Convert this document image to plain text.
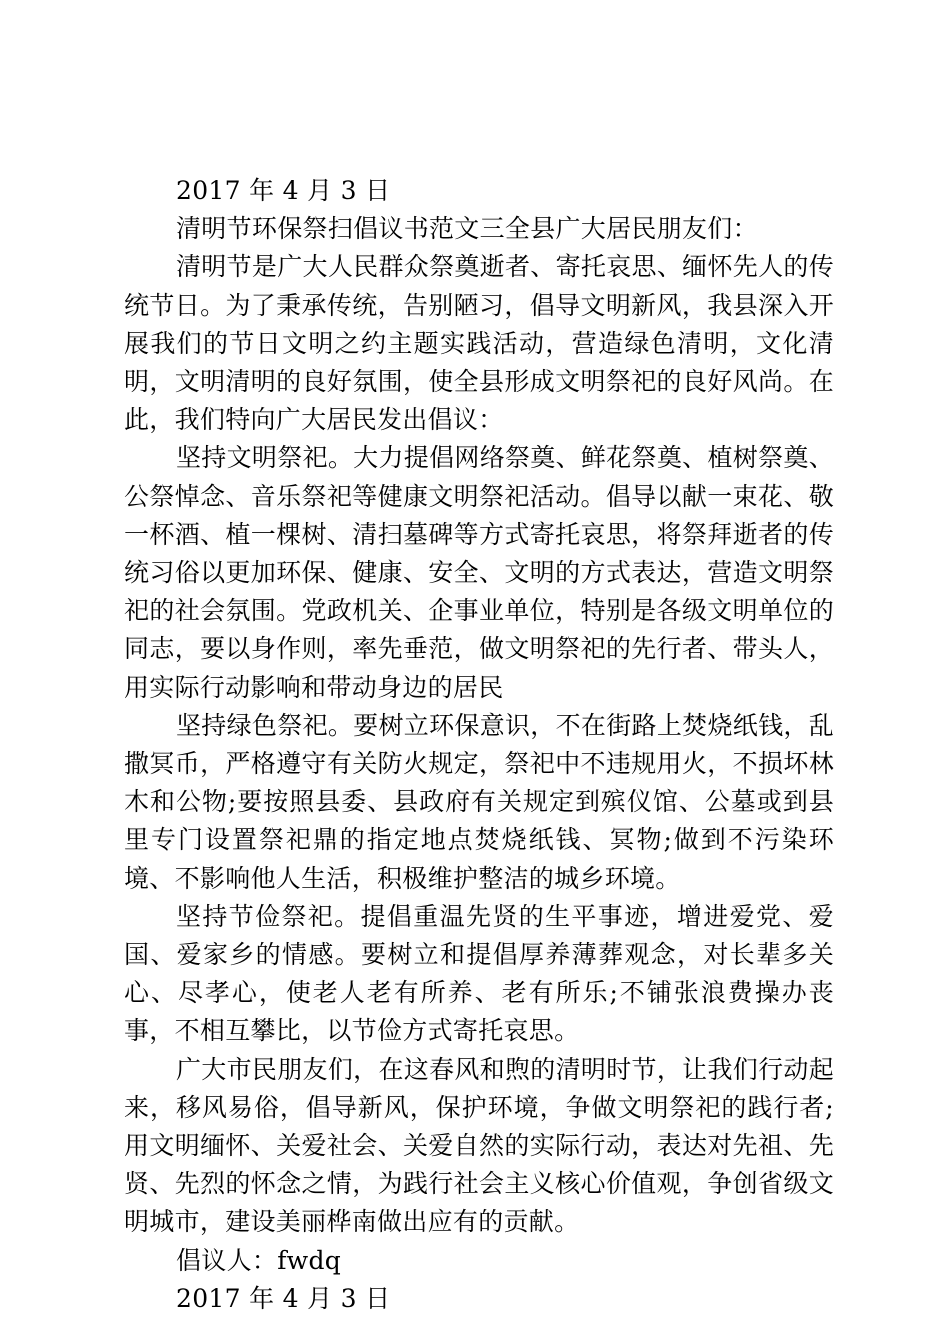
2017 年 4 月 3 日

清明节环保祭扫倡议书范文三全县广大居民朋友们：

清明节是广大人民群众祭奠逝者、寄托哀思、缅怀先人的传统节日。为了秉承传统，告别陋习，倡导文明新风，我县深入开展我们的节日文明之约主题实践活动，营造绿色清明，文化清明，文明清明的良好氛围，使全县形成文明祭祀的良好风尚。在此，我们特向广大居民发出倡议：

坚持文明祭祀。大力提倡网络祭奠、鲜花祭奠、植树祭奠、公祭悼念、音乐祭祀等健康文明祭祀活动。倡导以献一束花、敬一杯酒、植一棵树、清扫墓碑等方式寄托哀思，将祭拜逝者的传统习俗以更加环保、健康、安全、文明的方式表达，营造文明祭祀的社会氛围。党政机关、企事业单位，特别是各级文明单位的同志，要以身作则，率先垂范，做文明祭祀的先行者、带头人，用实际行动影响和带动身边的居民

坚持绿色祭祀。要树立环保意识，不在街路上焚烧纸钱，乱撒冥币，严格遵守有关防火规定，祭祀中不违规用火，不损坏林木和公物;要按照县委、县政府有关规定到殡仪馆、公墓或到县里专门设置祭祀鼎的指定地点焚烧纸钱、冥物;做到不污染环境、不影响他人生活，积极维护整洁的城乡环境。

坚持节俭祭祀。提倡重温先贤的生平事迹，增进爱党、爱国、爱家乡的情感。要树立和提倡厚养薄葬观念，对长辈多关心、尽孝心，使老人老有所养、老有所乐;不铺张浪费操办丧事，不相互攀比，以节俭方式寄托哀思。

广大市民朋友们，在这春风和煦的清明时节，让我们行动起来，移风易俗，倡导新风，保护环境，争做文明祭祀的践行者;用文明缅怀、关爱社会、关爱自然的实际行动，表达对先祖、先贤、先烈的怀念之情，为践行社会主义核心价值观，争创省级文明城市，建设美丽桦南做出应有的贡献。

倡议人：fwdq

2017 年 4 月 3 日
